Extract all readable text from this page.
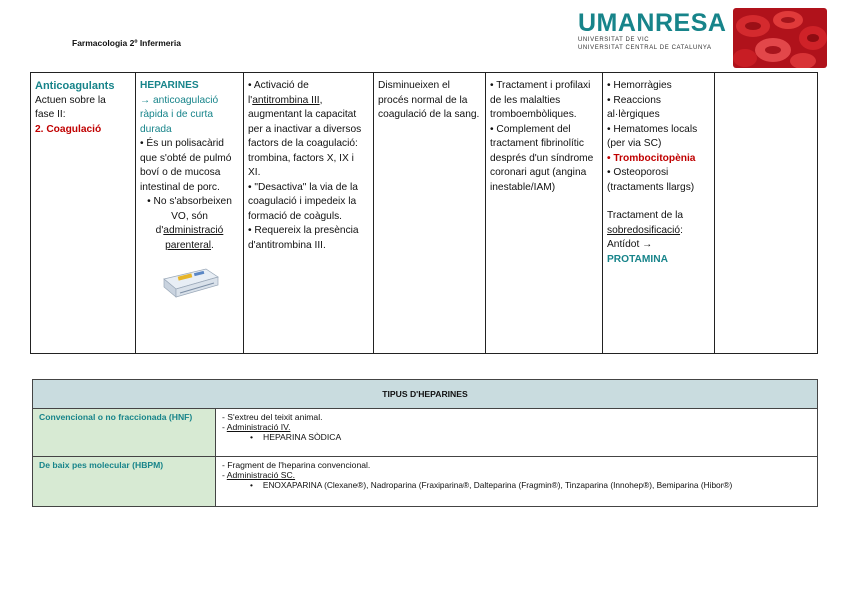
Farmacologia 2º Infermeria
UMANRESA
UNIVERSITAT DE VIC
UNIVERSITAT CENTRAL DE CATALUNYA
Anticoagulants
Actuen sobre la
fase II:
2. Coagulació

HEPARINES
→ anticoagulació ràpida i de curta durada
• És un polisacàrid que s'obté de pulmó boví o de mucosa intestinal de porc.
• No s'absorbeixen VO, són d'administració parenteral.

• Activació de l'antitrombina III, augmentant la capacitat per a inactivar a diversos factors de la coagulació: trombina, factors X, IX i XI.
• "Desactiva" la via de la coagulació i impedeix la formació de coàguls.
• Requereix la presència d'antitrombina III.

Disminueixen el procés normal de la coagulació de la sang.

• Tractament i profilaxi de les malalties tromboembòliques.
• Complement del tractament fibrinolític després d'un síndrome coronari agut (angina inestable/IAM)

• Hemorràgies
• Reaccions al·lèrgiques
• Hematomes locals (per via SC)
• Trombocitopènia
• Osteoporosi (tractaments llargs)
Tractament de la
sobredosificació:
Antídot →
PROTAMINA

TIPUS D'HEPARINES	
Convencional o no fraccionada (HNF)	- S'extreu del teixit animal.
- Administració IV.
• HEPARINA SÒDICA

De baix pes molecular (HBPM)	- Fragment de l'heparina convencional.
- Administració SC.
• ENOXAPARINA (Clexane®), Nadroparina (Fraxiparina®, Dalteparina (Fragmin®), Tinzaparina (Innohep®), Bemiparina (Hibor®)
